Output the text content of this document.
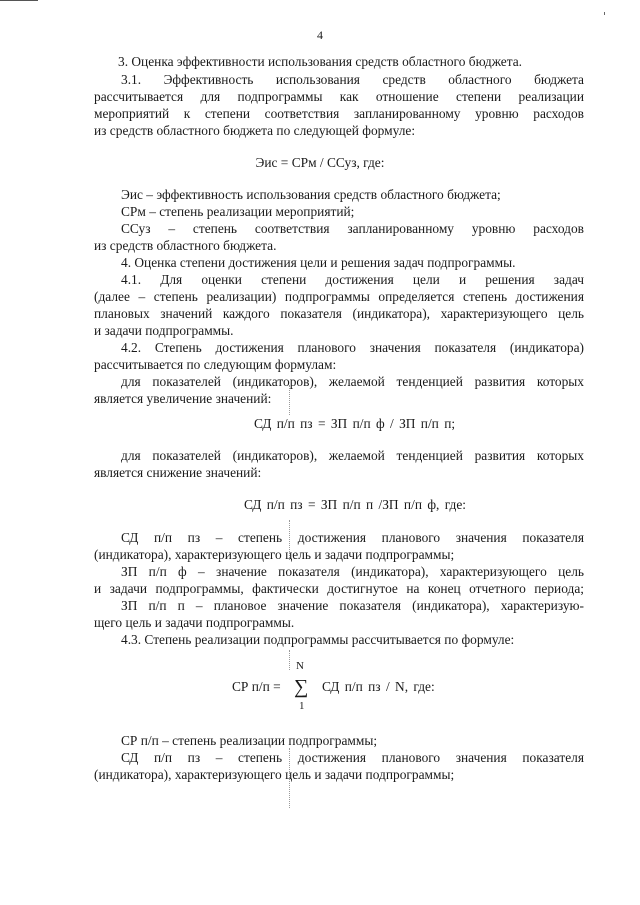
4
3. Оценка эффективности использования средств областного бюджета.
3.1. Эффективность использования средств областного бюджета
рассчитывается для подпрограммы как отношение степени реализации
мероприятий к степени соответствия запланированному уровню расходов
из средств областного бюджета по следующей формуле:
Эис = СРм / ССуз, где:
Эис – эффективность использования средств областного бюджета;
СРм – степень реализации мероприятий;
ССуз – степень соответствия запланированному уровню расходов
из средств областного бюджета.
4. Оценка степени достижения цели и решения задач подпрограммы.
4.1. Для оценки степени достижения цели и решения задач
(далее – степень реализации) подпрограммы определяется степень достижения
плановых значений каждого показателя (индикатора), характеризующего цель
и задачи подпрограммы.
4.2. Степень достижения планового значения показателя (индикатора)
рассчитывается по следующим формулам:
для показателей (индикаторов), желаемой тенденцией развития которых
является увеличение значений:
СД п/п пз = ЗП п/п ф / ЗП п/п п;
для показателей (индикаторов), желаемой тенденцией развития которых
является снижение значений:
СД п/п пз = ЗП п/п п /ЗП п/п ф, где:
СД п/п пз – степень достижения планового значения показателя
(индикатора), характеризующего цель и задачи подпрограммы;
ЗП п/п ф – значение показателя (индикатора), характеризующего цель
и задачи подпрограммы, фактически достигнутое на конец отчетного периода;
ЗП п/п п – плановое значение показателя (индикатора), характеризую-
щего цель и задачи подпрограммы.
4.3. Степень реализации подпрограммы рассчитывается по формуле:
СР п/п =
N
∑
1
СД п/п пз / N, где:
СР п/п – степень реализации подпрограммы;
СД п/п пз – степень достижения планового значения показателя
(индикатора), характеризующего цель и задачи подпрограммы;
